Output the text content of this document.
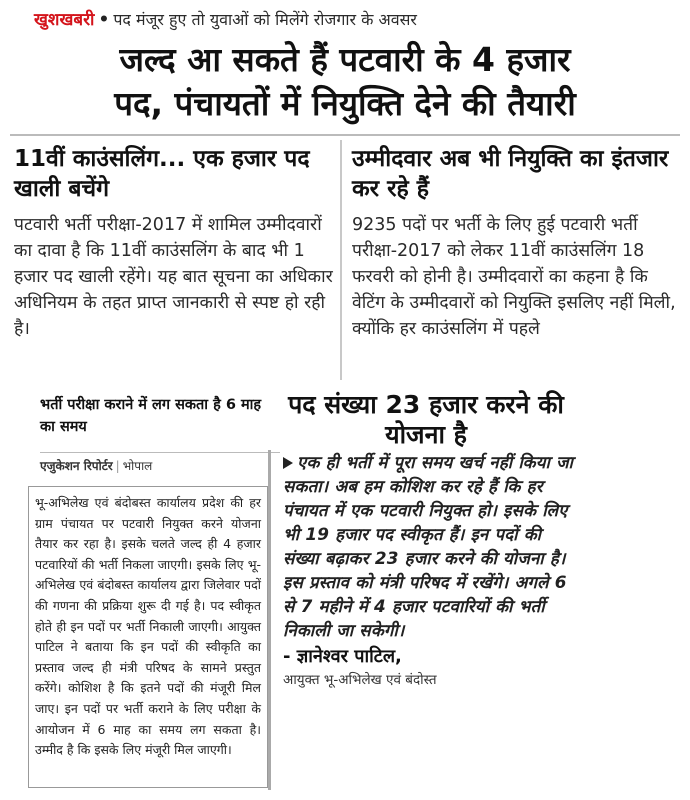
खुशखबरी • पद मंजूर हुए तो युवाओं को मिलेंगे रोजगार के अवसर
जल्द आ सकते हैं पटवारी के 4 हजार
पद, पंचायतों में नियुक्ति देने की तैयारी
11वीं काउंसलिंग... एक हजार पद खाली बचेंगे
पटवारी भर्ती परीक्षा-2017 में शामिल उम्मीदवारों का दावा है कि 11वीं काउंसलिंग के बाद भी 1 हजार पद खाली रहेंगे। यह बात सूचना का अधिकार अधिनियम के तहत प्राप्त जानकारी से स्पष्ट हो रही है।
उम्मीदवार अब भी नियुक्ति का इंतजार कर रहे हैं
9235 पदों पर भर्ती के लिए हुई पटवारी भर्ती परीक्षा-2017 को लेकर 11वीं काउंसलिंग 18 फरवरी को होनी है। उम्मीदवारों का कहना है कि वेटिंग के उम्मीदवारों को नियुक्ति इसलिए नहीं मिली, क्योंकि हर काउंसलिंग में पहले
भर्ती परीक्षा कराने में लग सकता है 6 माह का समय
एजुकेशन रिपोर्टर | भोपाल

भू-अभिलेख एवं बंदोबस्त कार्यालय प्रदेश की हर ग्राम पंचायत पर पटवारी नियुक्त करने योजना तैयार कर रहा है। इसके चलते जल्द ही 4 हजार पटवारियों की भर्ती निकला जाएगी। इसके लिए भू-अभिलेख एवं बंदोबस्त कार्यालय द्वारा जिलेवार पदों की गणना की प्रक्रिया शुरू दी गई है। पद स्वीकृत होते ही इन पदों पर भर्ती निकाली जाएगी। आयुक्त पाटिल ने बताया कि इन पदों की स्वीकृति का प्रस्ताव जल्द ही मंत्री परिषद के सामने प्रस्तुत करेंगे। कोशिश है कि इतने पदों की मंजूरी मिल जाए। इन पदों पर भर्ती कराने के लिए परीक्षा के आयोजन में 6 माह का समय लग सकता है। उम्मीद है कि इसके लिए मंजूरी मिल जाएगी।

पद संख्या 23 हजार करने की योजना है
एक ही भर्ती में पूरा समय खर्च नहीं किया जा सकता। अब हम कोशिश कर रहे हैं कि हर पंचायत में एक पटवारी नियुक्त हो। इसके लिए भी 19 हजार पद स्वीकृत हैं। इन पदों की संख्या बढ़ाकर 23 हजार करने की योजना है। इस प्रस्ताव को मंत्री परिषद में रखेंगे। अगले 6 से 7 महीने में 4 हजार पटवारियों की भर्ती निकाली जा सकेगी।
- ज्ञानेश्वर पाटिल,
आयुक्त भू-अभिलेख एवं बंदोस्त
